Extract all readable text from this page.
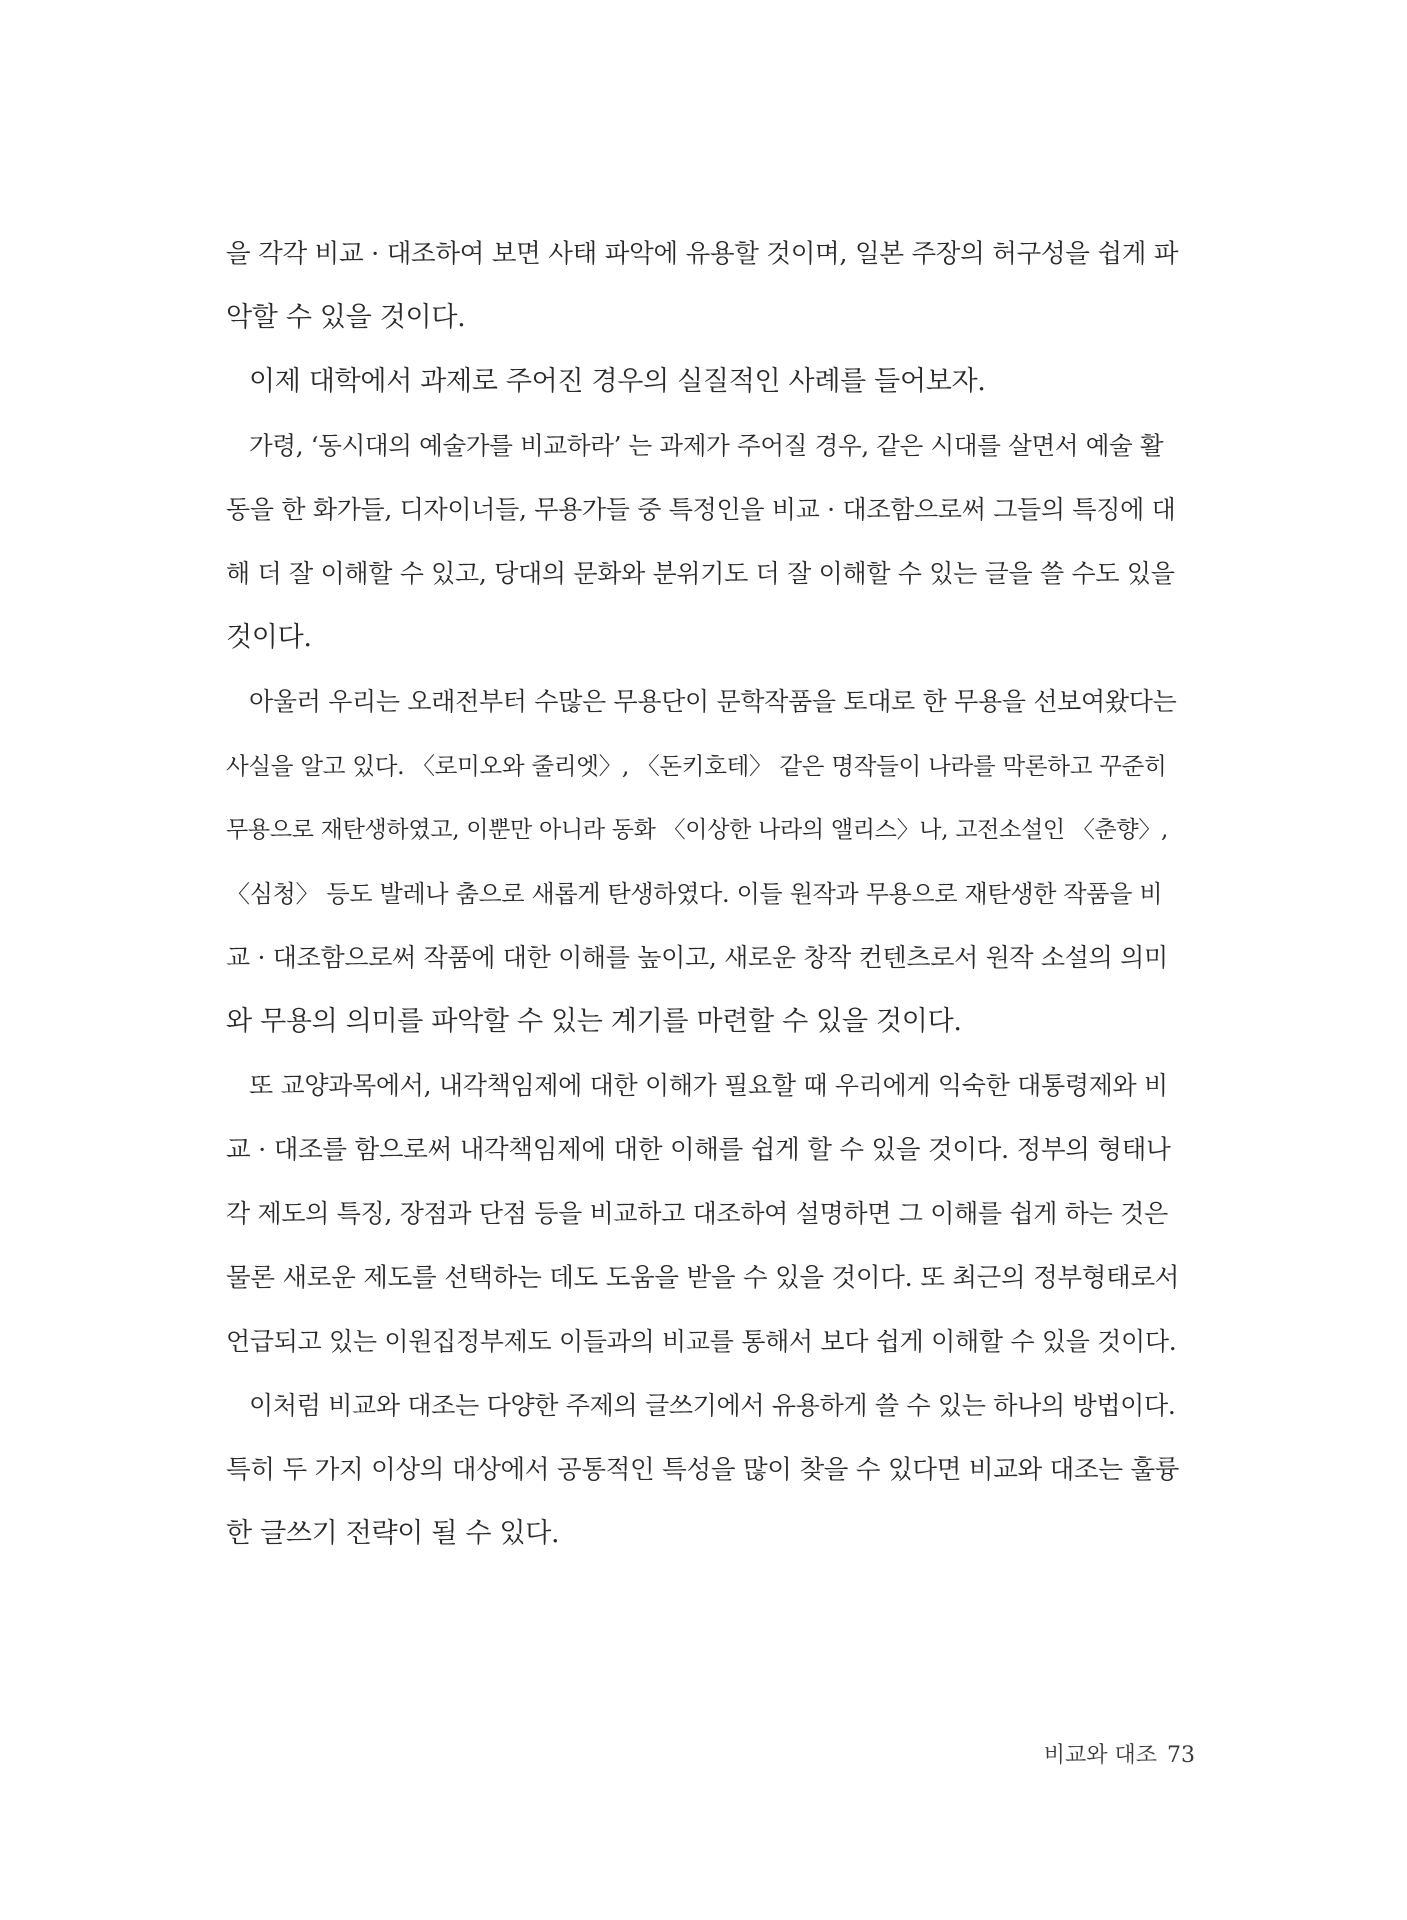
을 각각 비교 · 대조하여 보면 사태 파악에 유용할 것이며, 일본 주장의 허구성을 쉽게 파
악할 수 있을 것이다.
이제 대학에서 과제로 주어진 경우의 실질적인 사례를 들어보자.
가령, ‘동시대의 예술가를 비교하라’ 는 과제가 주어질 경우, 같은 시대를 살면서 예술 활
동을 한 화가들, 디자이너들, 무용가들 중 특정인을 비교 · 대조함으로써 그들의 특징에 대
해 더 잘 이해할 수 있고, 당대의 문화와 분위기도 더 잘 이해할 수 있는 글을 쓸 수도 있을
것이다.
아울러 우리는 오래전부터 수많은 무용단이 문학작품을 토대로 한 무용을 선보여왔다는
사실을 알고 있다. 〈로미오와 줄리엣〉, 〈돈키호테〉 같은 명작들이 나라를 막론하고 꾸준히
무용으로 재탄생하였고, 이뿐만 아니라 동화 〈이상한 나라의 앨리스〉나, 고전소설인 〈춘향〉,
〈심청〉 등도 발레나 춤으로 새롭게 탄생하였다. 이들 원작과 무용으로 재탄생한 작품을 비
교 · 대조함으로써 작품에 대한 이해를 높이고, 새로운 창작 컨텐츠로서 원작 소설의 의미
와 무용의 의미를 파악할 수 있는 계기를 마련할 수 있을 것이다.
또 교양과목에서, 내각책임제에 대한 이해가 필요할 때 우리에게 익숙한 대통령제와 비
교 · 대조를 함으로써 내각책임제에 대한 이해를 쉽게 할 수 있을 것이다. 정부의 형태나
각 제도의 특징, 장점과 단점 등을 비교하고 대조하여 설명하면 그 이해를 쉽게 하는 것은
물론 새로운 제도를 선택하는 데도 도움을 받을 수 있을 것이다. 또 최근의 정부형태로서
언급되고 있는 이원집정부제도 이들과의 비교를 통해서 보다 쉽게 이해할 수 있을 것이다.
이처럼 비교와 대조는 다양한 주제의 글쓰기에서 유용하게 쓸 수 있는 하나의 방법이다.
특히 두 가지 이상의 대상에서 공통적인 특성을 많이 찾을 수 있다면 비교와 대조는 훌륭
한 글쓰기 전략이 될 수 있다.
비교와 대조 73
